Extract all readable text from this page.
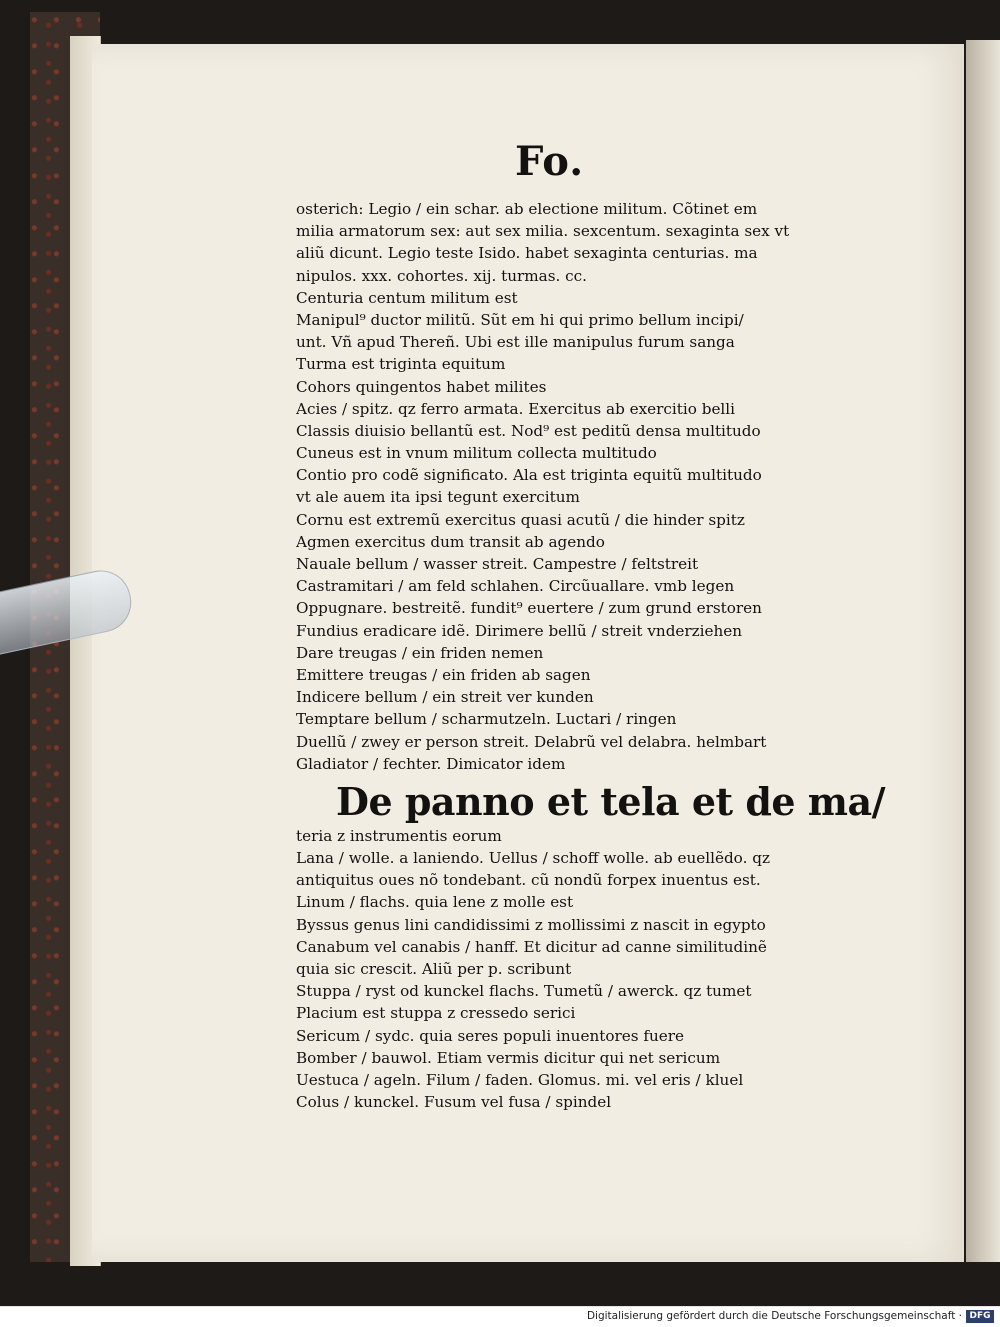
Fo.
osterich: Legio / ein schar. ab electione militum. Cõtinet em
milia armatorum sex: aut sex milia. sexcentum. sexaginta sex vt
aliũ dicunt. Legio teste Isido. habet sexaginta centurias. ma
nipulos. xxx. cohortes. xij. turmas. cc.
Centuria centum militum est
Manipul⁹ ductor militũ. Sũt em hi qui primo bellum incipi/
unt. Vñ apud Thereñ. Ubi est ille manipulus furum sanga
Turma est triginta equitum
Cohors quingentos habet milites
Acies / spitz. qz ferro armata. Exercitus ab exercitio belli
Classis diuisio bellantũ est. Nod⁹ est peditũ densa multitudo
Cuneus est in vnum militum collecta multitudo
Contio pro codẽ significato. Ala est triginta equitũ multitudo
vt ale auem ita ipsi tegunt exercitum
Cornu est extremũ exercitus quasi acutũ / die hinder spitz
Agmen exercitus dum transit ab agendo
Nauale bellum / wasser streit. Campestre / feltstreit
Castramitari / am feld schlahen. Circũuallare. vmb legen
Oppugnare. bestreitẽ. fundit⁹ euertere / zum grund erstoren
Fundius eradicare idẽ. Dirimere bellũ / streit vnderziehen
Dare treugas / ein friden nemen
Emittere treugas / ein friden ab sagen
Indicere bellum / ein streit ver kunden
Temptare bellum / scharmutzeln. Luctari / ringen
Duellũ / zwey er person streit. Delabrũ vel delabra. helmbart
Gladiator / fechter. Dimicator idem
De panno et tela et de ma/
teria z instrumentis eorum
Lana / wolle. a laniendo. Uellus / schoff wolle. ab euellẽdo. qz
antiquitus oues nõ tondebant. cũ nondũ forpex inuentus est.
Linum / flachs. quia lene z molle est
Byssus genus lini candidissimi z mollissimi z nascit in egypto
Canabum vel canabis / hanff. Et dicitur ad canne similitudinẽ
quia sic crescit. Aliũ per p. scribunt
Stuppa / ryst od kunckel flachs. Tumetũ / awerck. qz tumet
Placium est stuppa z cressedo serici
Sericum / sydc. quia seres populi inuentores fuere
Bomber / bauwol. Etiam vermis dicitur qui net sericum
Uestuca / ageln. Filum / faden. Glomus. mi. vel eris / kluel
Colus / kunckel. Fusum vel fusa / spindel
Digitalisierung gefördert durch die Deutsche Forschungsgemeinschaft · DFG
